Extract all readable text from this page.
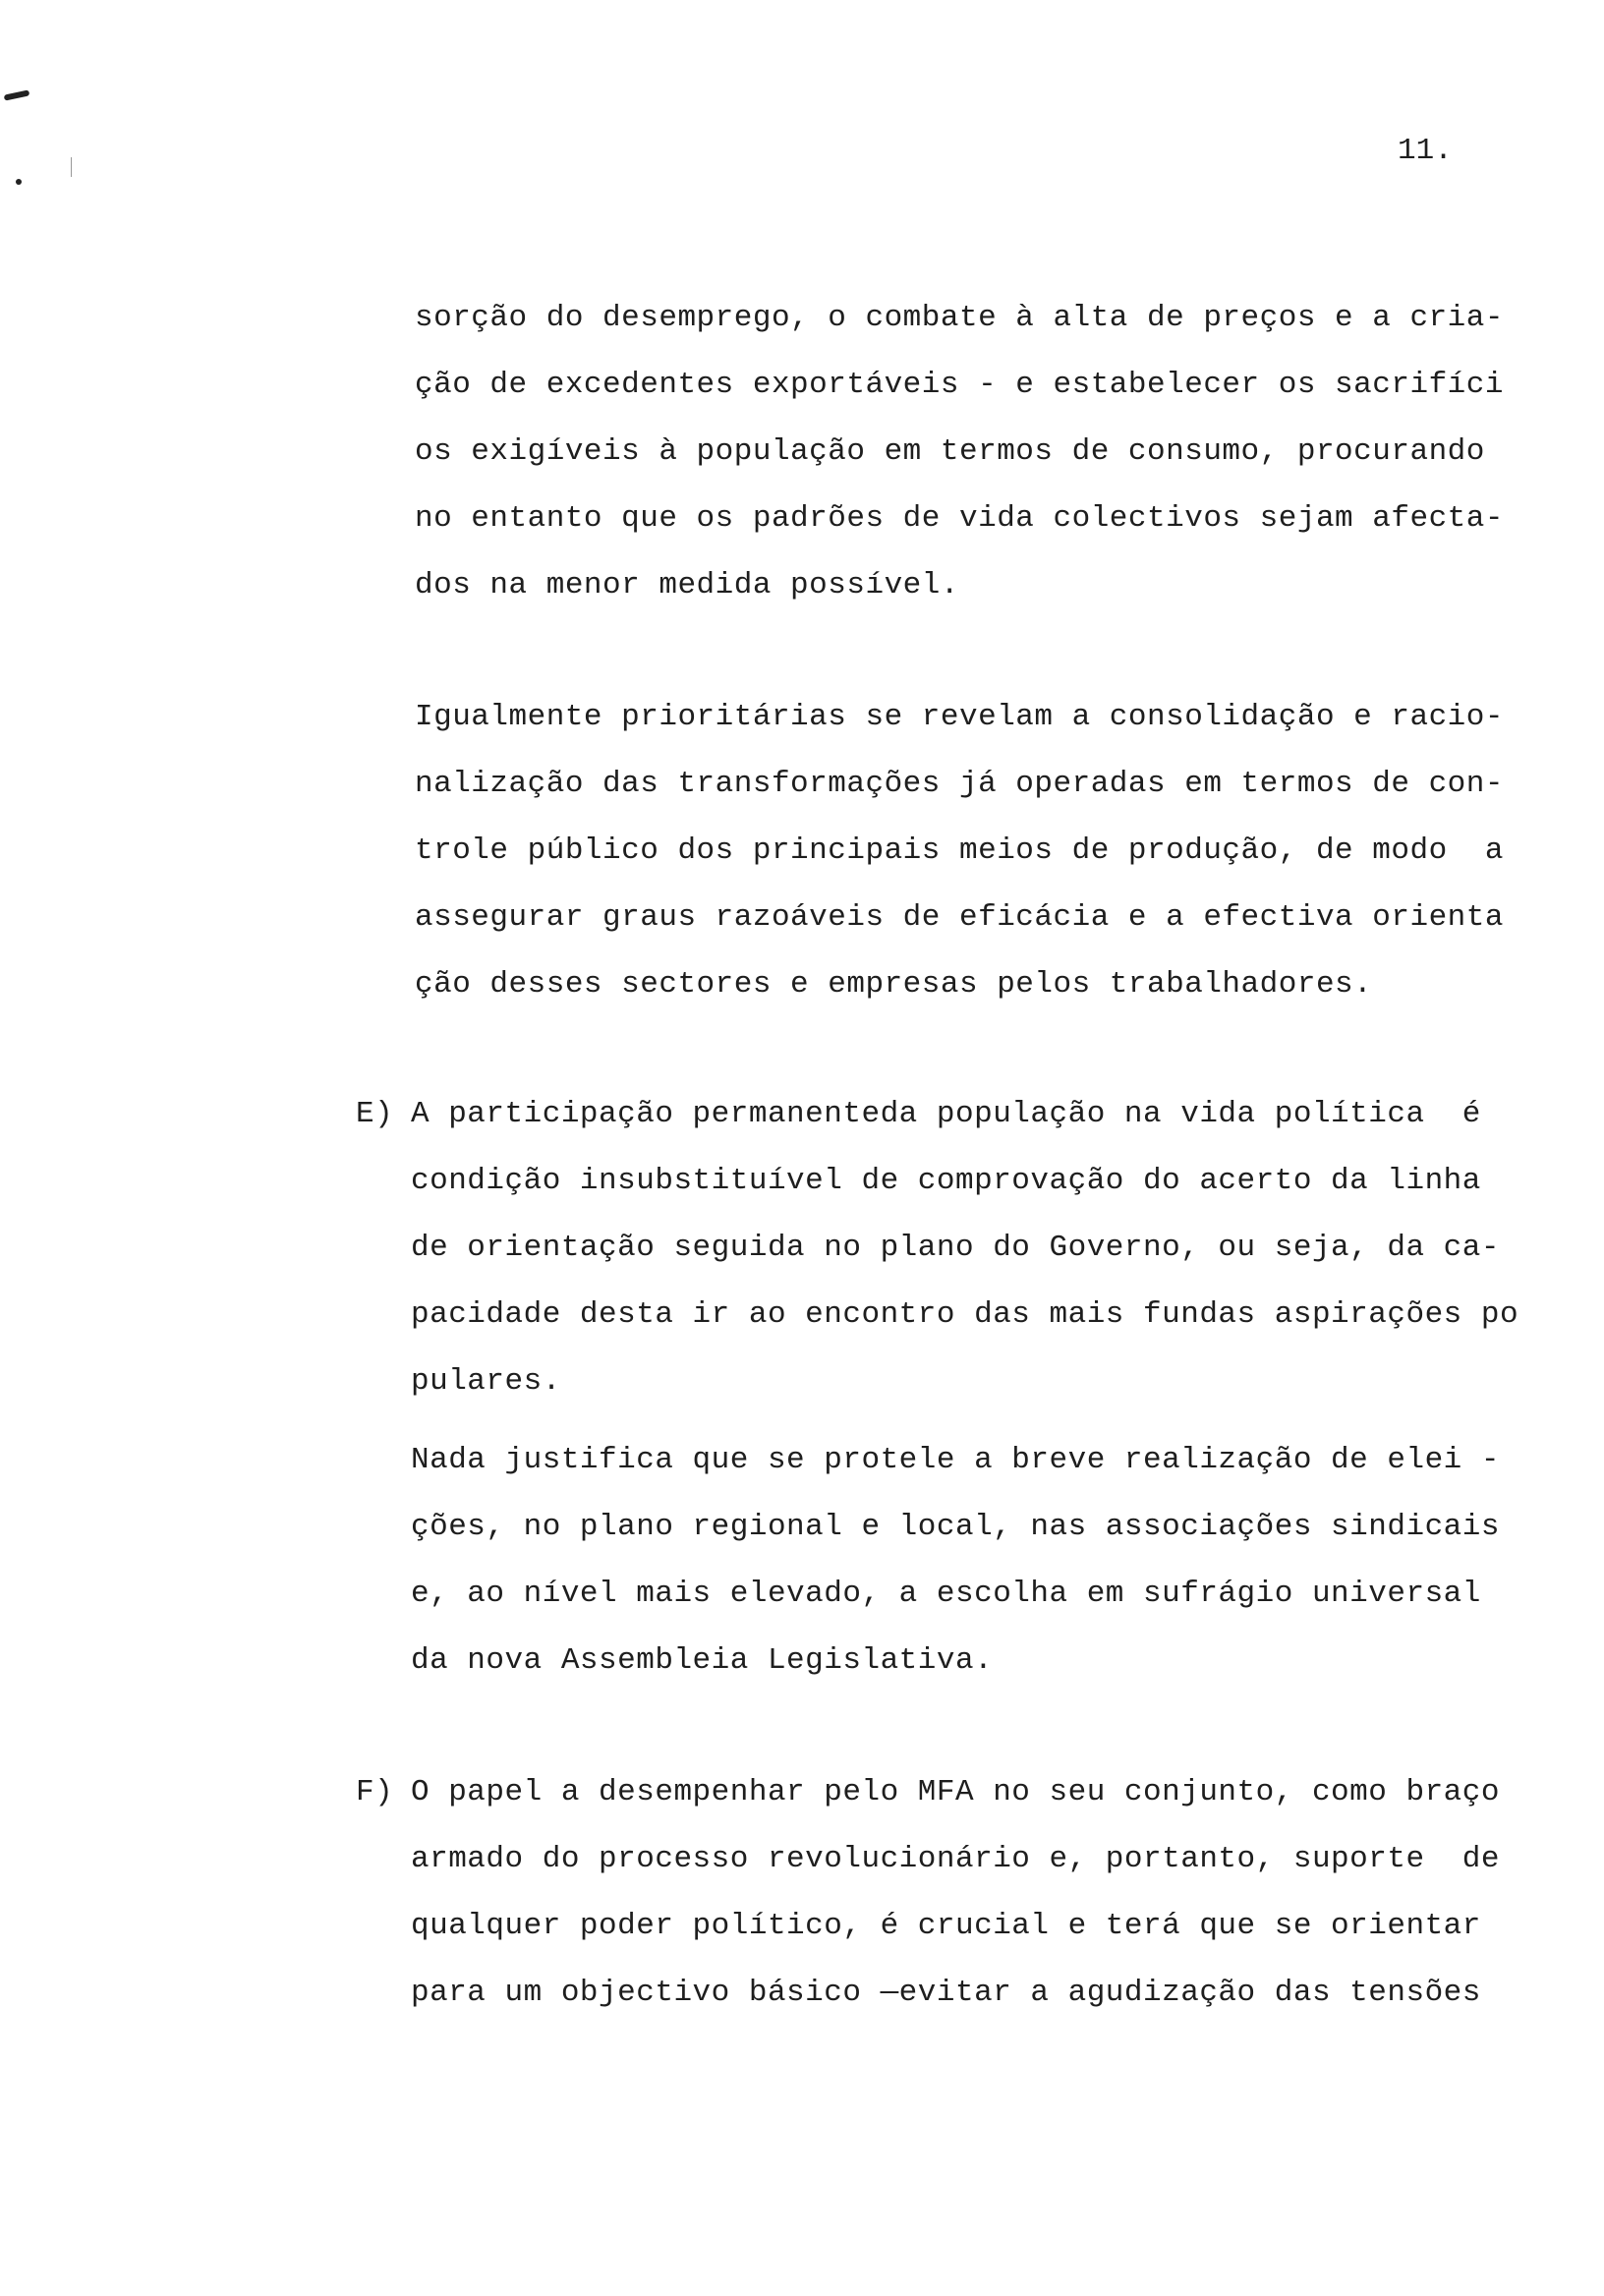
11.

sorção do desemprego, o combate à alta de preços e a cria-

ção de excedentes exportáveis - e estabelecer os sacrifíci

os exigíveis à população em termos de consumo, procurando

no entanto que os padrões de vida colectivos sejam afecta-

dos na menor medida possível.

Igualmente prioritárias se revelam a consolidação e racio-

nalização das transformações já operadas em termos de con-

trole público dos principais meios de produção, de modo  a

assegurar graus razoáveis de eficácia e a efectiva orienta

ção desses sectores e empresas pelos trabalhadores.

E) A participação permanenteda população na vida política  é

condição insubstituível de comprovação do acerto da linha

de orientação seguida no plano do Governo, ou seja, da ca-

pacidade desta ir ao encontro das mais fundas aspirações po

pulares.

Nada justifica que se protele a breve realização de elei -

ções, no plano regional e local, nas associações sindicais

e, ao nível mais elevado, a escolha em sufrágio universal

da nova Assembleia Legislativa.

F) O papel a desempenhar pelo MFA no seu conjunto, como braço

armado do processo revolucionário e, portanto, suporte  de

qualquer poder político, é crucial e terá que se orientar

para um objectivo básico —evitar a agudização das tensões
